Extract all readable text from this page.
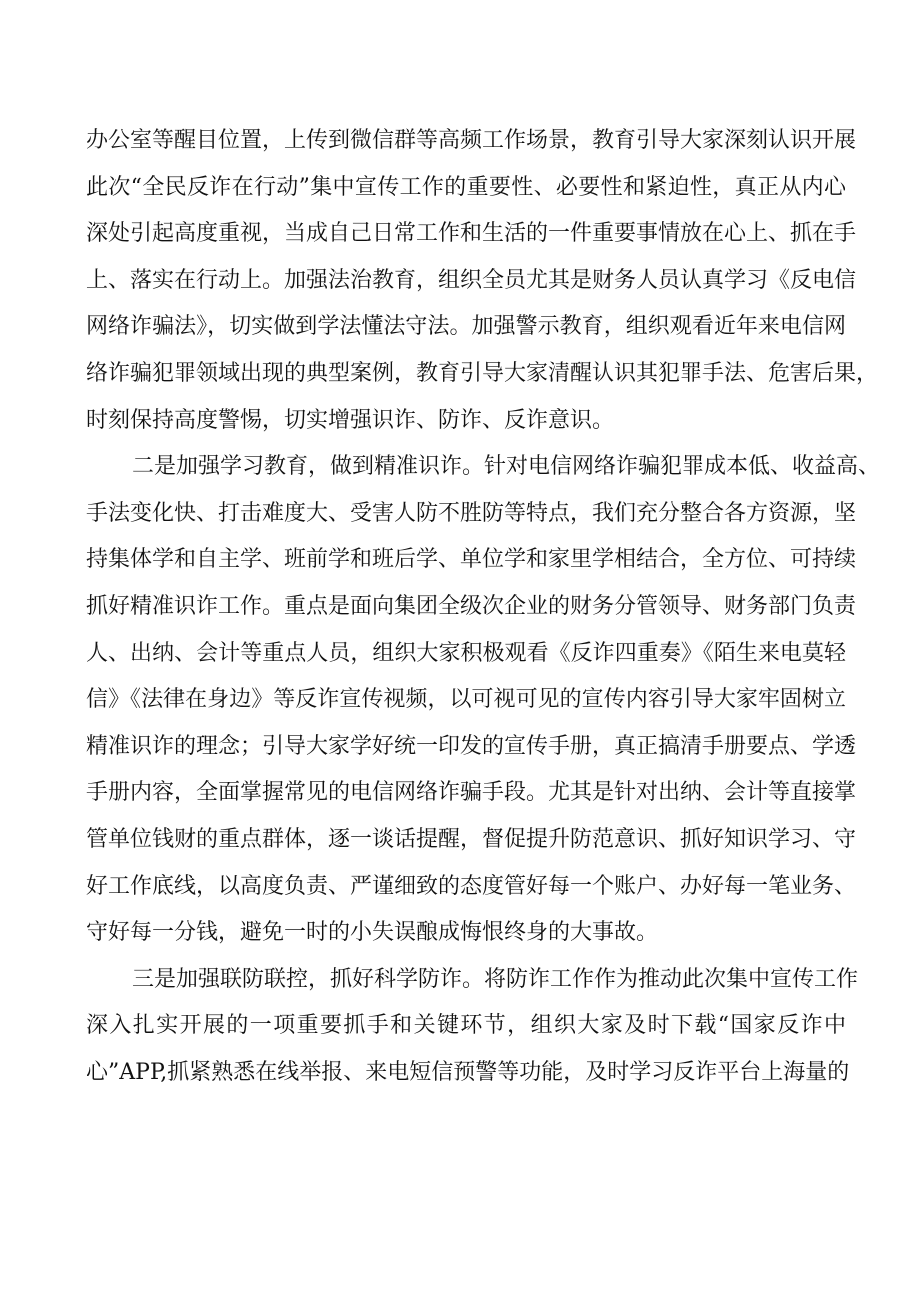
办公室等醒目位置，上传到微信群等高频工作场景，教育引导大家深刻认识开展
此次“全民反诈在行动”集中宣传工作的重要性、必要性和紧迫性，真正从内心
深处引起高度重视，当成自己日常工作和生活的一件重要事情放在心上、抓在手
上、落实在行动上。加强法治教育，组织全员尤其是财务人员认真学习《反电信
网络诈骗法》，切实做到学法懂法守法。加强警示教育，组织观看近年来电信网
络诈骗犯罪领域出现的典型案例，教育引导大家清醒认识其犯罪手法、危害后果，
时刻保持高度警惕，切实增强识诈、防诈、反诈意识。
二是加强学习教育，做到精准识诈。针对电信网络诈骗犯罪成本低、收益高、
手法变化快、打击难度大、受害人防不胜防等特点，我们充分整合各方资源，坚
持集体学和自主学、班前学和班后学、单位学和家里学相结合，全方位、可持续
抓好精准识诈工作。重点是面向集团全级次企业的财务分管领导、财务部门负责
人、出纳、会计等重点人员，组织大家积极观看《反诈四重奏》《陌生来电莫轻
信》《法律在身边》等反诈宣传视频，以可视可见的宣传内容引导大家牢固树立
精准识诈的理念；引导大家学好统一印发的宣传手册，真正搞清手册要点、学透
手册内容，全面掌握常见的电信网络诈骗手段。尤其是针对出纳、会计等直接掌
管单位钱财的重点群体，逐一谈话提醒，督促提升防范意识、抓好知识学习、守
好工作底线，以高度负责、严谨细致的态度管好每一个账户、办好每一笔业务、
守好每一分钱，避免一时的小失误酿成悔恨终身的大事故。
三是加强联防联控，抓好科学防诈。将防诈工作作为推动此次集中宣传工作
深入扎实开展的一项重要抓手和关键环节，组织大家及时下载“国家反诈中
心”APP,抓紧熟悉在线举报、来电短信预警等功能，及时学习反诈平台上海量的
